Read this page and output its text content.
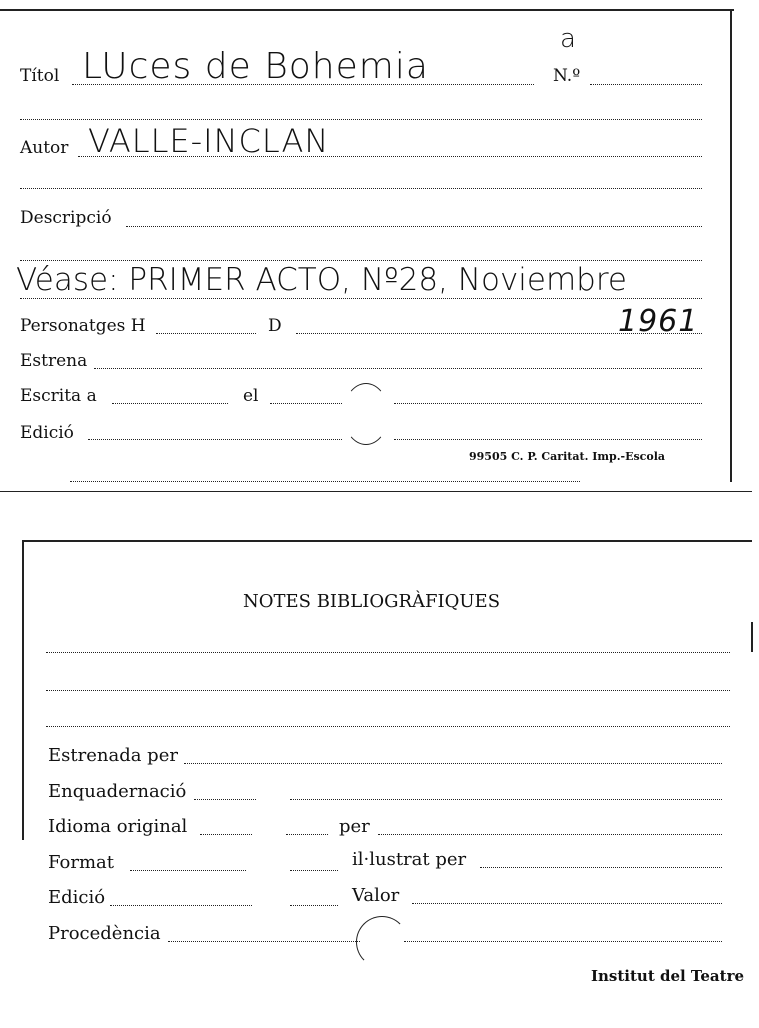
a
Títol LUces de Bohemia	N.º
Autor VALLE-INCLAN
Descripció
Véase: PRIMER ACTO, Nº28, Noviembre
Personatges H	D	1961
Estrena
Escrita a	el
Edició
99505 C. P. Caritat. Imp.-Escola
NOTES BIBLIOGRÀFIQUES
Estrenada per
Enquadernació
Idioma original	per
Format	il·lustrat per
Edició	Valor
Procedència
Institut del Teatre
